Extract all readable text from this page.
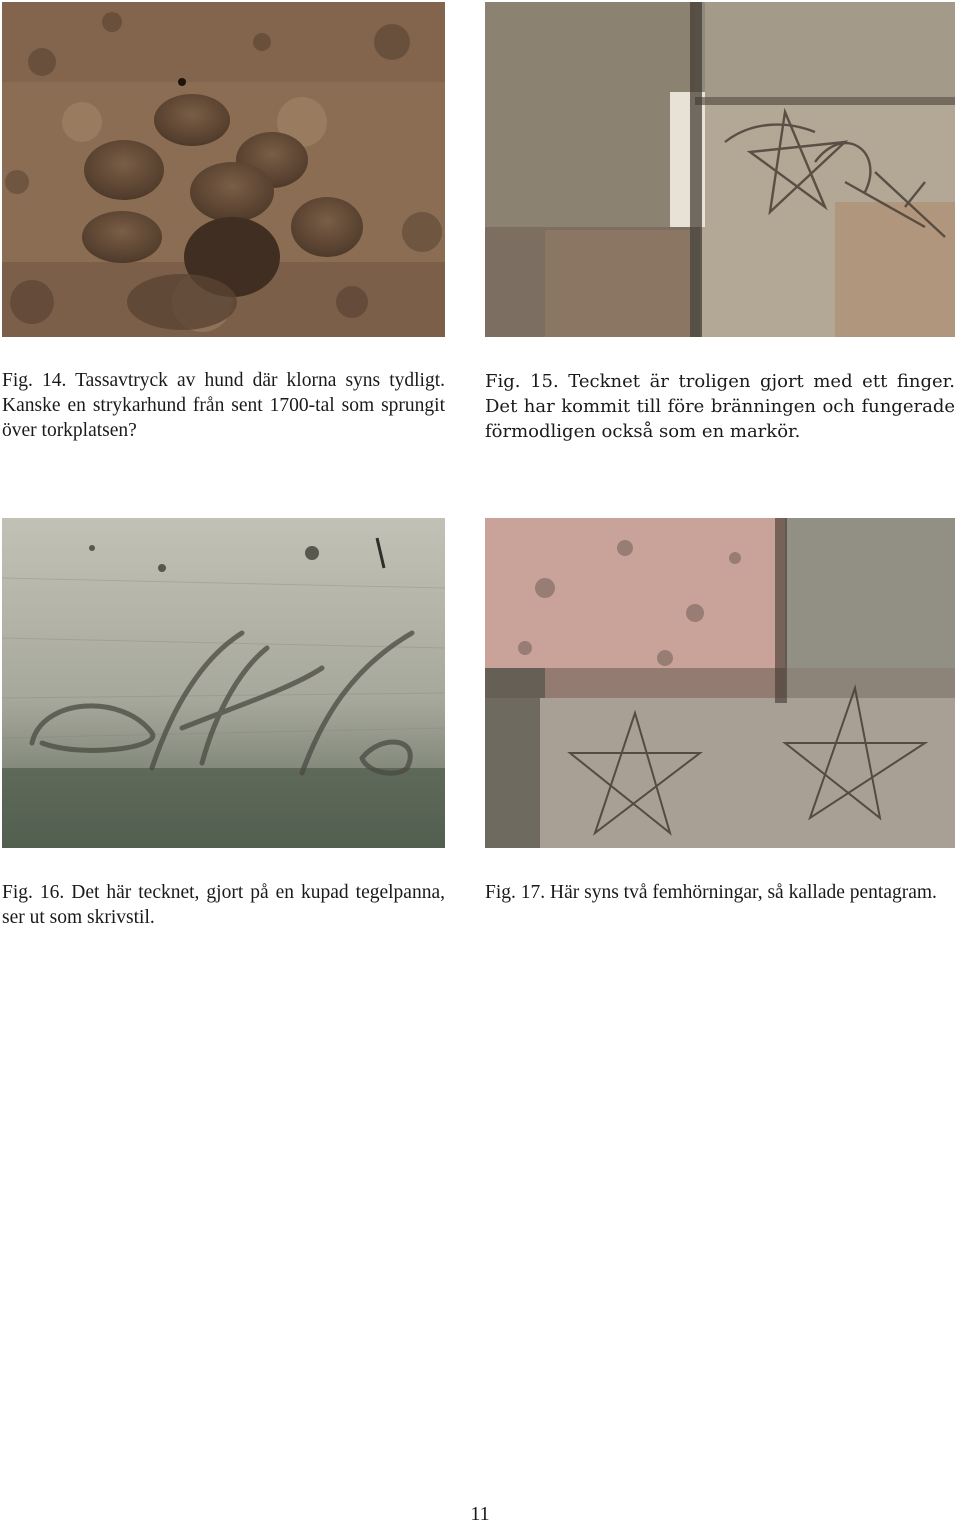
Fig. 14. Tassavtryck av hund där klorna syns tydligt. Kanske en strykarhund från sent 1700-tal som sprungit över torkplatsen?

Fig. 15. Tecknet är troligen gjort med ett finger. Det har kommit till före bränningen och fungerade förmodligen också som en markör.

Fig. 16. Det här tecknet, gjort på en kupad tegelpanna, ser ut som skrivstil.

Fig. 17. Här syns två femhörningar, så kallade pentagram.

11
